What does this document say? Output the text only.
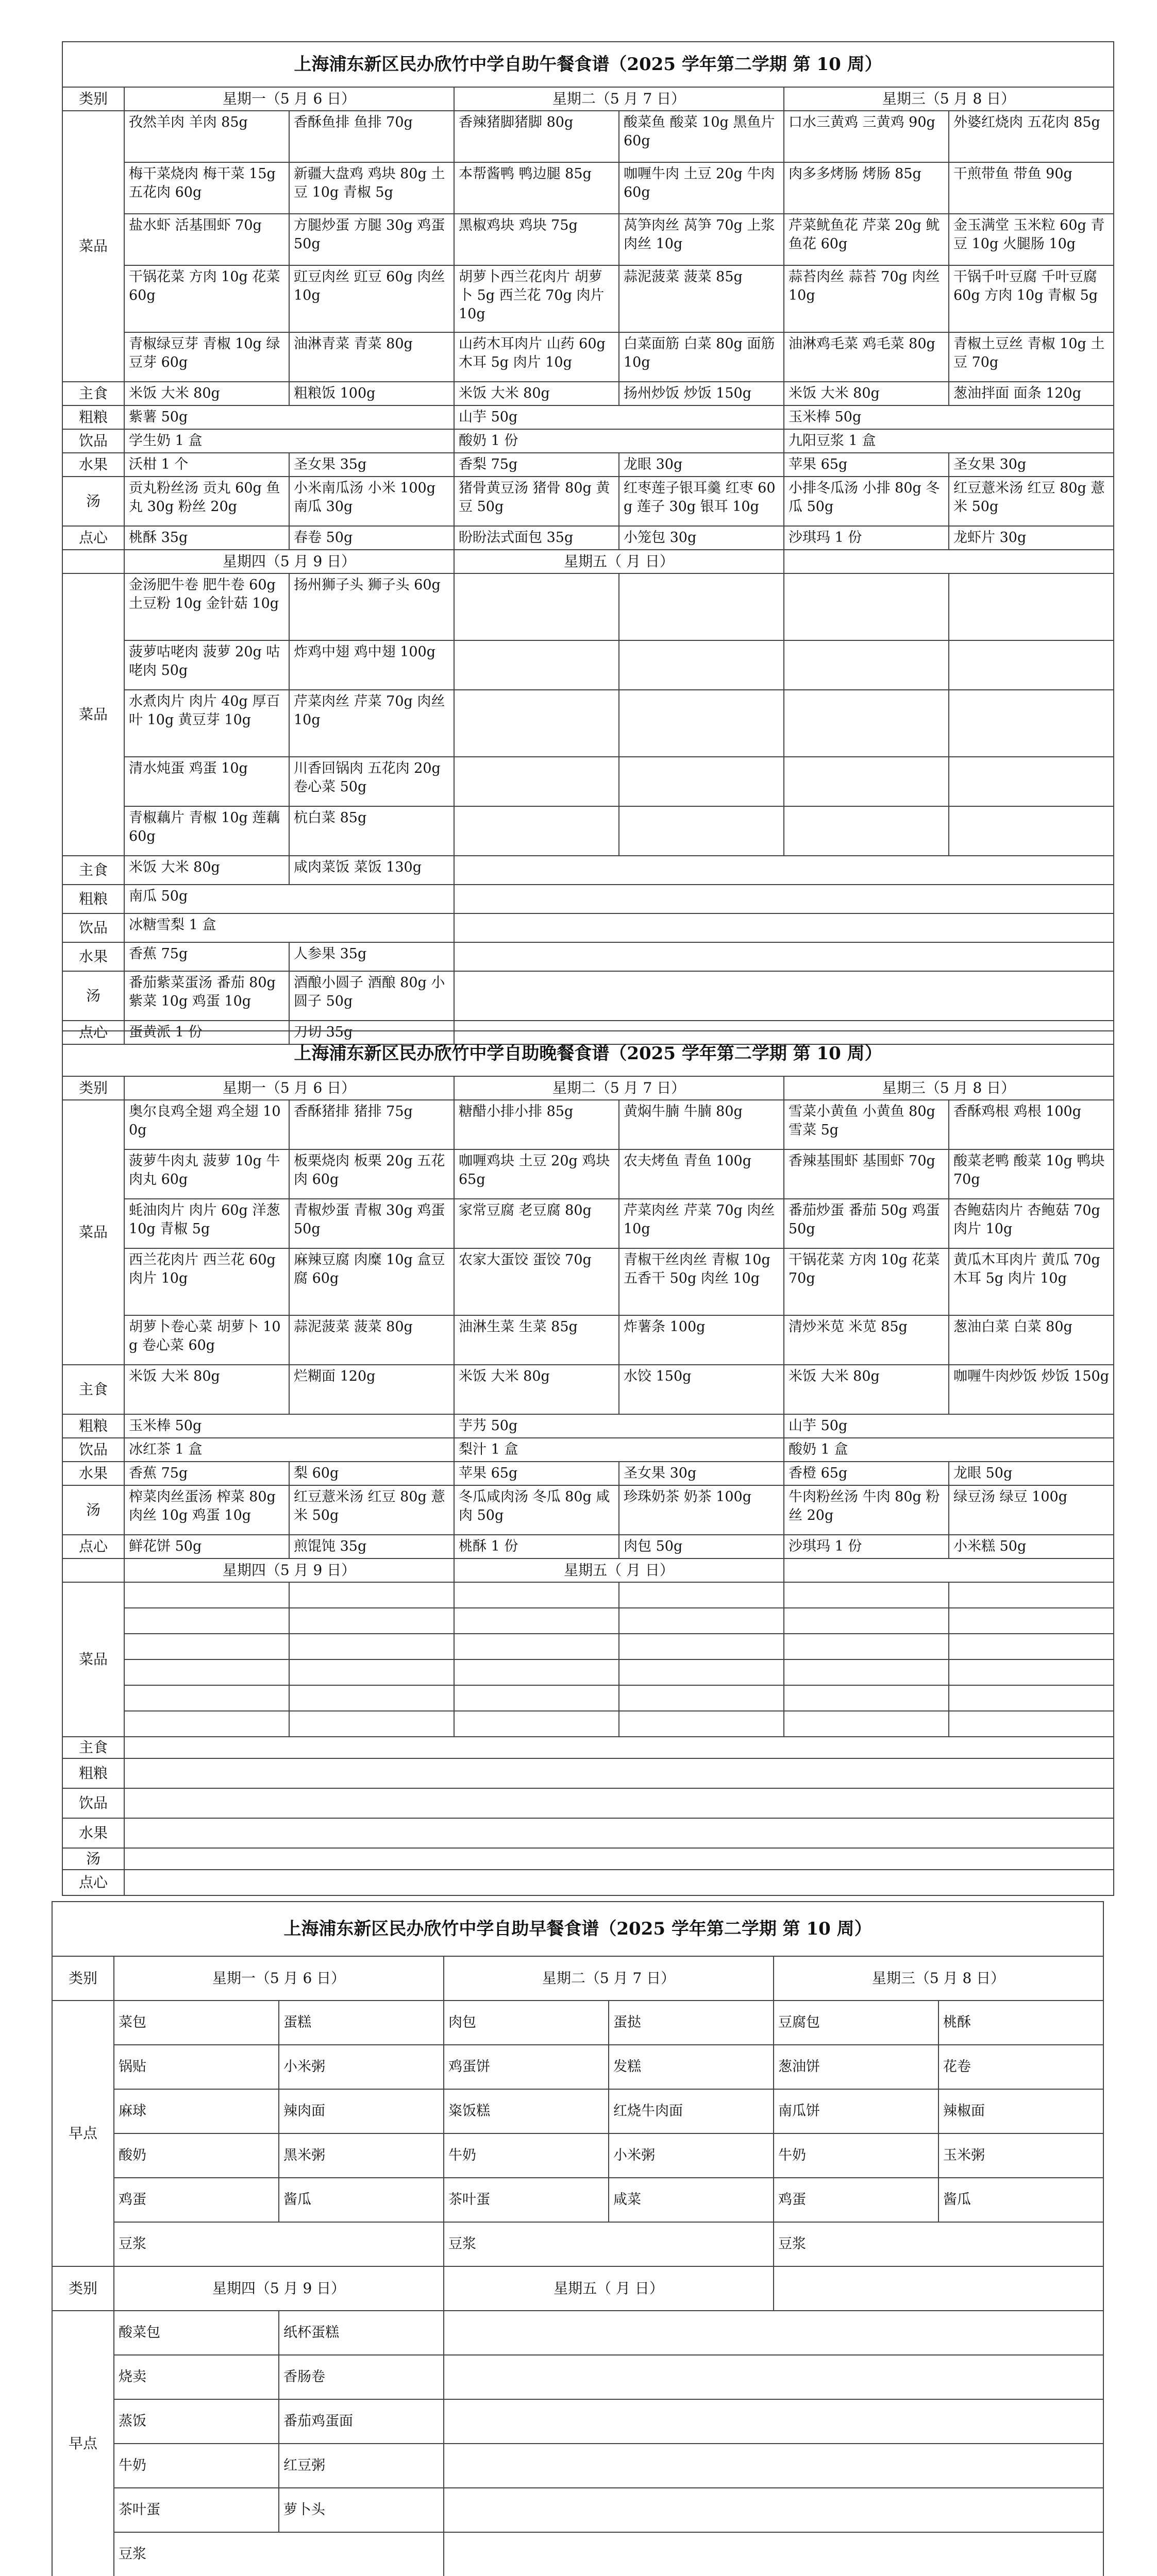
上海浦东新区民办欣竹中学自助午餐食谱（2025 学年第二学期 第 10 周）						
类别	星期一（5 月 6 日）		星期二（5 月 7 日）		星期三（5 月 8 日）	
菜品	孜然羊肉 羊肉 85g	香酥鱼排 鱼排 70g	香辣猪脚猪脚 80g	酸菜鱼 酸菜 10g 黑鱼片 60g	口水三黄鸡 三黄鸡 90g	外婆红烧肉 五花肉 85g
	梅干菜烧肉 梅干菜 15g 五花肉 60g	新疆大盘鸡 鸡块 80g 土豆 10g 青椒 5g	本帮酱鸭 鸭边腿 85g	咖喱牛肉 土豆 20g 牛肉 60g	肉多多烤肠 烤肠 85g	干煎带鱼 带鱼 90g
	盐水虾 活基围虾 70g	方腿炒蛋 方腿 30g 鸡蛋 50g	黑椒鸡块 鸡块 75g	莴笋肉丝 莴笋 70g 上浆肉丝 10g	芹菜鱿鱼花 芹菜 20g 鱿鱼花 60g	金玉满堂 玉米粒 60g 青豆 10g 火腿肠 10g
	干锅花菜 方肉 10g 花菜 60g	豇豆肉丝 豇豆 60g 肉丝 10g	胡萝卜西兰花肉片 胡萝卜 5g 西兰花 70g 肉片 10g	蒜泥菠菜 菠菜 85g	蒜苔肉丝 蒜苔 70g 肉丝 10g	干锅千叶豆腐 千叶豆腐 60g 方肉 10g 青椒 5g
	青椒绿豆芽 青椒 10g 绿豆芽 60g	油淋青菜 青菜 80g	山药木耳肉片 山药 60g 木耳 5g 肉片 10g	白菜面筋 白菜 80g 面筋 10g	油淋鸡毛菜 鸡毛菜 80g	青椒土豆丝 青椒 10g 土豆 70g
主食	米饭 大米 80g	粗粮饭 100g	米饭 大米 80g	扬州炒饭 炒饭 150g	米饭 大米 80g	葱油拌面 面条 120g
粗粮	紫薯 50g		山芋 50g		玉米棒 50g	
饮品	学生奶 1 盒		酸奶 1 份		九阳豆浆 1 盒	
水果	沃柑 1 个	圣女果 35g	香梨 75g	龙眼 30g	苹果 65g	圣女果 30g
汤	贡丸粉丝汤 贡丸 60g 鱼丸 30g 粉丝 20g	小米南瓜汤 小米 100g 南瓜 30g	猪骨黄豆汤 猪骨 80g 黄豆 50g	红枣莲子银耳羹 红枣 60g 莲子 30g 银耳 10g	小排冬瓜汤 小排 80g 冬瓜 50g	红豆薏米汤 红豆 80g 薏米 50g
点心	桃酥 35g	春卷 50g	盼盼法式面包 35g	小笼包 30g	沙琪玛 1 份	龙虾片 30g
	星期四（5 月 9 日）		星期五（ 月 日）			
菜品	金汤肥牛卷 肥牛卷 60g 土豆粉 10g 金针菇 10g	扬州狮子头 狮子头 60g				
	菠萝咕咾肉 菠萝 20g 咕咾肉 50g	炸鸡中翅 鸡中翅 100g				
	水煮肉片 肉片 40g 厚百叶 10g 黄豆芽 10g	芹菜肉丝 芹菜 70g 肉丝 10g				
	清水炖蛋 鸡蛋 10g	川香回锅肉 五花肉 20g 卷心菜 50g				
	青椒藕片 青椒 10g 莲藕 60g	杭白菜 85g				
主食	米饭 大米 80g	咸肉菜饭 菜饭 130g				
粗粮	南瓜 50g					
饮品	冰糖雪梨 1 盒					
水果	香蕉 75g	人参果 35g				
汤	番茄紫菜蛋汤 番茄 80g 紫菜 10g 鸡蛋 10g	酒酿小圆子 酒酿 80g 小圆子 50g				
点心	蛋黄派 1 份	刀切 35g				
上海浦东新区民办欣竹中学自助晚餐食谱（2025 学年第二学期 第 10 周）						
类别	星期一（5 月 6 日）		星期二（5 月 7 日）		星期三（5 月 8 日）	
菜品	奥尔良鸡全翅 鸡全翅 100g	香酥猪排 猪排 75g	糖醋小排小排 85g	黄焖牛腩 牛腩 80g	雪菜小黄鱼 小黄鱼 80g 雪菜 5g	香酥鸡根 鸡根 100g
	菠萝牛肉丸 菠萝 10g 牛肉丸 60g	板栗烧肉 板栗 20g 五花肉 60g	咖喱鸡块 土豆 20g 鸡块 65g	农夫烤鱼 青鱼 100g	香辣基围虾 基围虾 70g	酸菜老鸭 酸菜 10g 鸭块 70g
	蚝油肉片 肉片 60g 洋葱 10g 青椒 5g	青椒炒蛋 青椒 30g 鸡蛋 50g	家常豆腐 老豆腐 80g	芹菜肉丝 芹菜 70g 肉丝 10g	番茄炒蛋 番茄 50g 鸡蛋 50g	杏鲍菇肉片 杏鲍菇 70g 肉片 10g
	西兰花肉片 西兰花 60g 肉片 10g	麻辣豆腐 肉糜 10g 盒豆腐 60g	农家大蛋饺 蛋饺 70g	青椒干丝肉丝 青椒 10g 五香干 50g 肉丝 10g	干锅花菜 方肉 10g 花菜 70g	黄瓜木耳肉片 黄瓜 70g 木耳 5g 肉片 10g
	胡萝卜卷心菜 胡萝卜 10g 卷心菜 60g	蒜泥菠菜 菠菜 80g	油淋生菜 生菜 85g	炸薯条 100g	清炒米苋 米苋 85g	葱油白菜 白菜 80g
主食	米饭 大米 80g	烂糊面 120g	米饭 大米 80g	水饺 150g	米饭 大米 80g	咖喱牛肉炒饭 炒饭 150g
粗粮	玉米棒 50g		芋艿 50g		山芋 50g	
饮品	冰红茶 1 盒		梨汁 1 盒		酸奶 1 盒	
水果	香蕉 75g	梨 60g	苹果 65g	圣女果 30g	香橙 65g	龙眼 50g
汤	榨菜肉丝蛋汤 榨菜 80g 肉丝 10g 鸡蛋 10g	红豆薏米汤 红豆 80g 薏米 50g	冬瓜咸肉汤 冬瓜 80g 咸肉 50g	珍珠奶茶 奶茶 100g	牛肉粉丝汤 牛肉 80g 粉丝 20g	绿豆汤 绿豆 100g
点心	鲜花饼 50g	煎馄饨 35g	桃酥 1 份	肉包 50g	沙琪玛 1 份	小米糕 50g
	星期四（5 月 9 日）		星期五（ 月 日）			
菜品						

主食						
粗粮						
饮品						
水果						
汤						
点心						
上海浦东新区民办欣竹中学自助早餐食谱（2025 学年第二学期 第 10 周）						
类别	星期一（5 月 6 日）		星期二（5 月 7 日）		星期三（5 月 8 日）	
早点	菜包	蛋糕	肉包	蛋挞	豆腐包	桃酥
	锅贴	小米粥	鸡蛋饼	发糕	葱油饼	花卷
	麻球	辣肉面	粢饭糕	红烧牛肉面	南瓜饼	辣椒面
	酸奶	黑米粥	牛奶	小米粥	牛奶	玉米粥
	鸡蛋	酱瓜	茶叶蛋	咸菜	鸡蛋	酱瓜
	豆浆		豆浆		豆浆	
类别	星期四（5 月 9 日）		星期五（ 月 日）			
早点	酸菜包	纸杯蛋糕				
	烧卖	香肠卷				
	蒸饭	番茄鸡蛋面				
	牛奶	红豆粥				
	茶叶蛋	萝卜头				
	豆浆					
